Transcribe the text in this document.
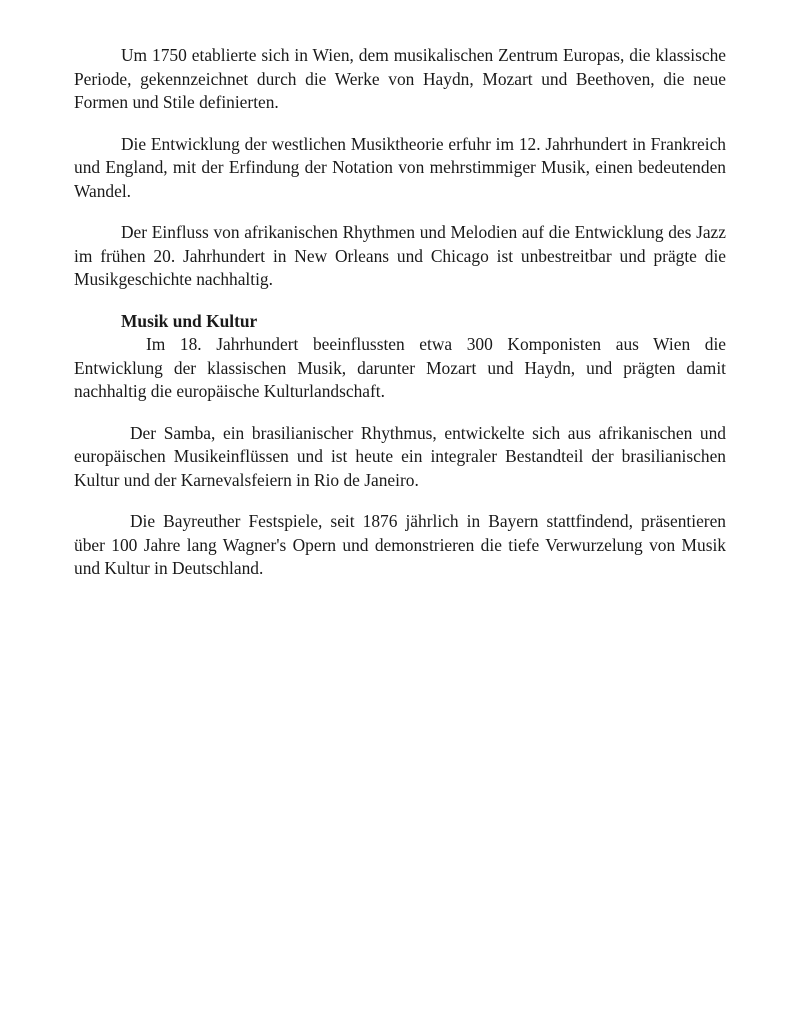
Um 1750 etablierte sich in Wien, dem musikalischen Zentrum Europas, die klassische Periode, gekennzeichnet durch die Werke von Haydn, Mozart und Beethoven, die neue Formen und Stile definierten.

Die Entwicklung der westlichen Musiktheorie erfuhr im 12. Jahrhundert in Frankreich und England, mit der Erfindung der Notation von mehrstimmiger Musik, einen bedeutenden Wandel.

Der Einfluss von afrikanischen Rhythmen und Melodien auf die Entwicklung des Jazz im frühen 20. Jahrhundert in New Orleans und Chicago ist unbestreitbar und prägte die Musikgeschichte nachhaltig.

Musik und Kultur

Im 18. Jahrhundert beeinflussten etwa 300 Komponisten aus Wien die Entwicklung der klassischen Musik, darunter Mozart und Haydn, und prägten damit nachhaltig die europäische Kulturlandschaft.

Der Samba, ein brasilianischer Rhythmus, entwickelte sich aus afrikanischen und europäischen Musikeinflüssen und ist heute ein integraler Bestandteil der brasilianischen Kultur und der Karnevalsfeiern in Rio de Janeiro.

Die Bayreuther Festspiele, seit 1876 jährlich in Bayern stattfindend, präsentieren über 100 Jahre lang Wagner's Opern und demonstrieren die tiefe Verwurzelung von Musik und Kultur in Deutschland.
